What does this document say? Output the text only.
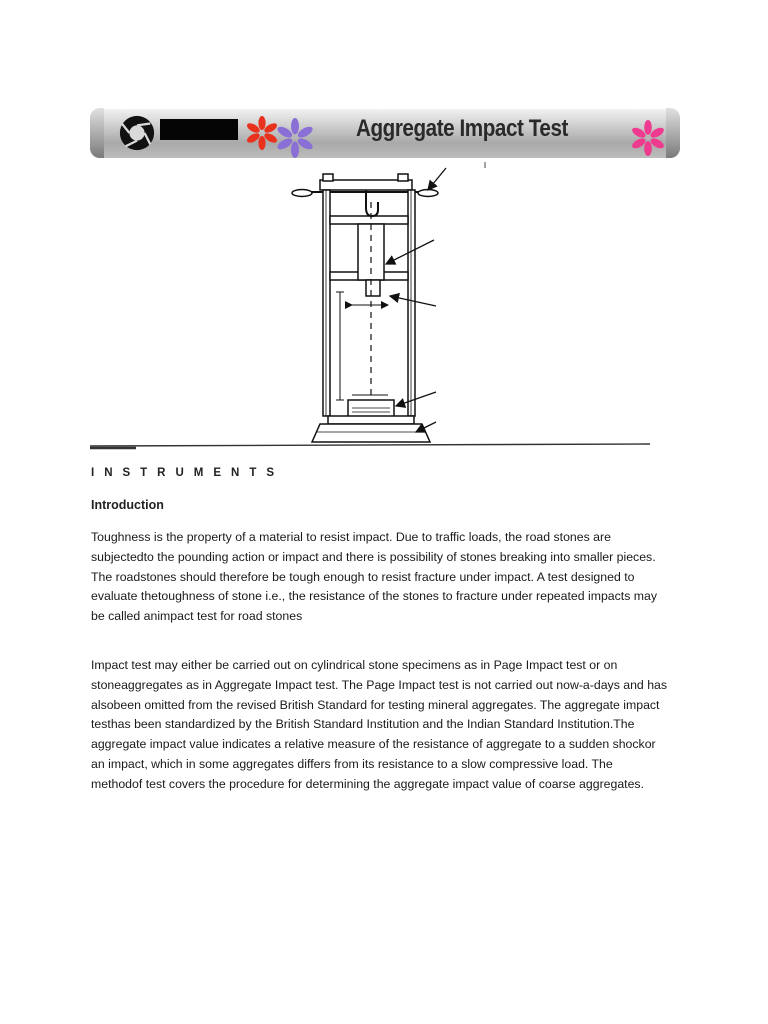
Aggregate Impact Test
I N S T R U M E N T S
Introduction

Toughness is the property of a material to resist impact. Due to traffic loads, the road stones are

subjectedto the pounding action or impact and there is possibility of stones breaking into smaller pieces.

The roadstones should therefore be tough enough to resist fracture under impact. A test designed to

evaluate thetoughness of stone i.e., the resistance of the stones to fracture under repeated impacts may

be called animpact test for road stones

Impact test may either be carried out on cylindrical stone specimens as in Page Impact test or on

stoneaggregates as in Aggregate Impact test. The Page Impact test is not carried out now-a-days and has

alsobeen omitted from the revised British Standard for testing mineral aggregates. The aggregate impact

testhas been standardized by the British Standard Institution and the Indian Standard Institution.The

aggregate impact value indicates a relative measure of the resistance of aggregate to a sudden shockor

an impact, which in some aggregates differs from its resistance to a slow compressive load. The

methodof test covers the procedure for determining the aggregate impact value of coarse aggregates.
